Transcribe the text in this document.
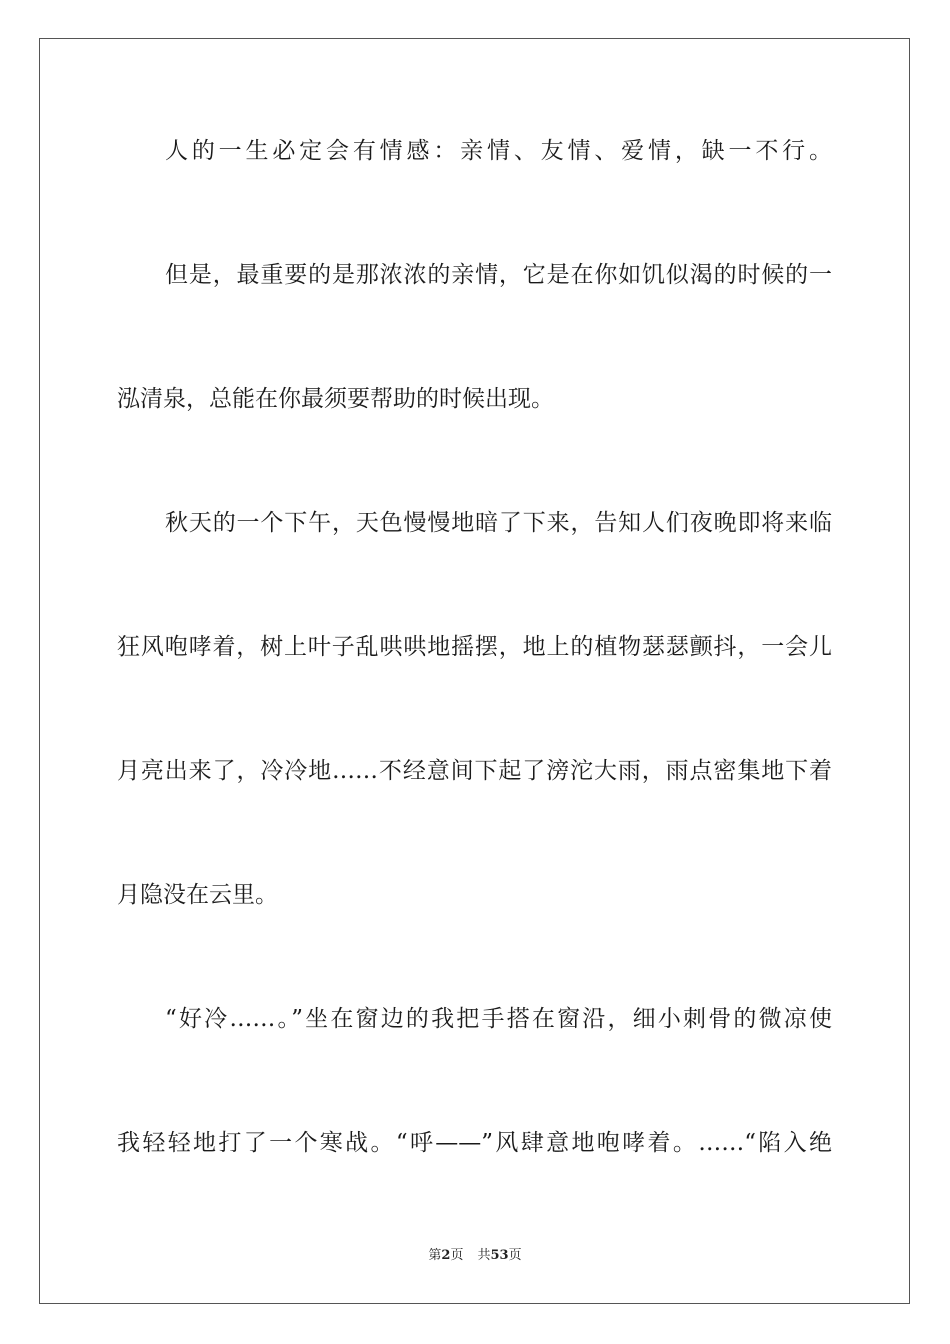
人的一生必定会有情感：亲情、友情、爱情，缺一不行。
但是，最重要的是那浓浓的亲情，它是在你如饥似渴的时候的一
泓清泉，总能在你最须要帮助的时候出现。
秋天的一个下午，天色慢慢地暗了下来，告知人们夜晚即将来临
狂风咆哮着，树上叶子乱哄哄地摇摆，地上的植物瑟瑟颤抖，一会儿
月亮出来了，冷冷地……不经意间下起了滂沱大雨，雨点密集地下着
月隐没在云里。
“好冷……。”坐在窗边的我把手搭在窗沿，细小刺骨的微凉使
我轻轻地打了一个寒战。“呼——”风肆意地咆哮着。……“陷入绝
第2页 共53页
